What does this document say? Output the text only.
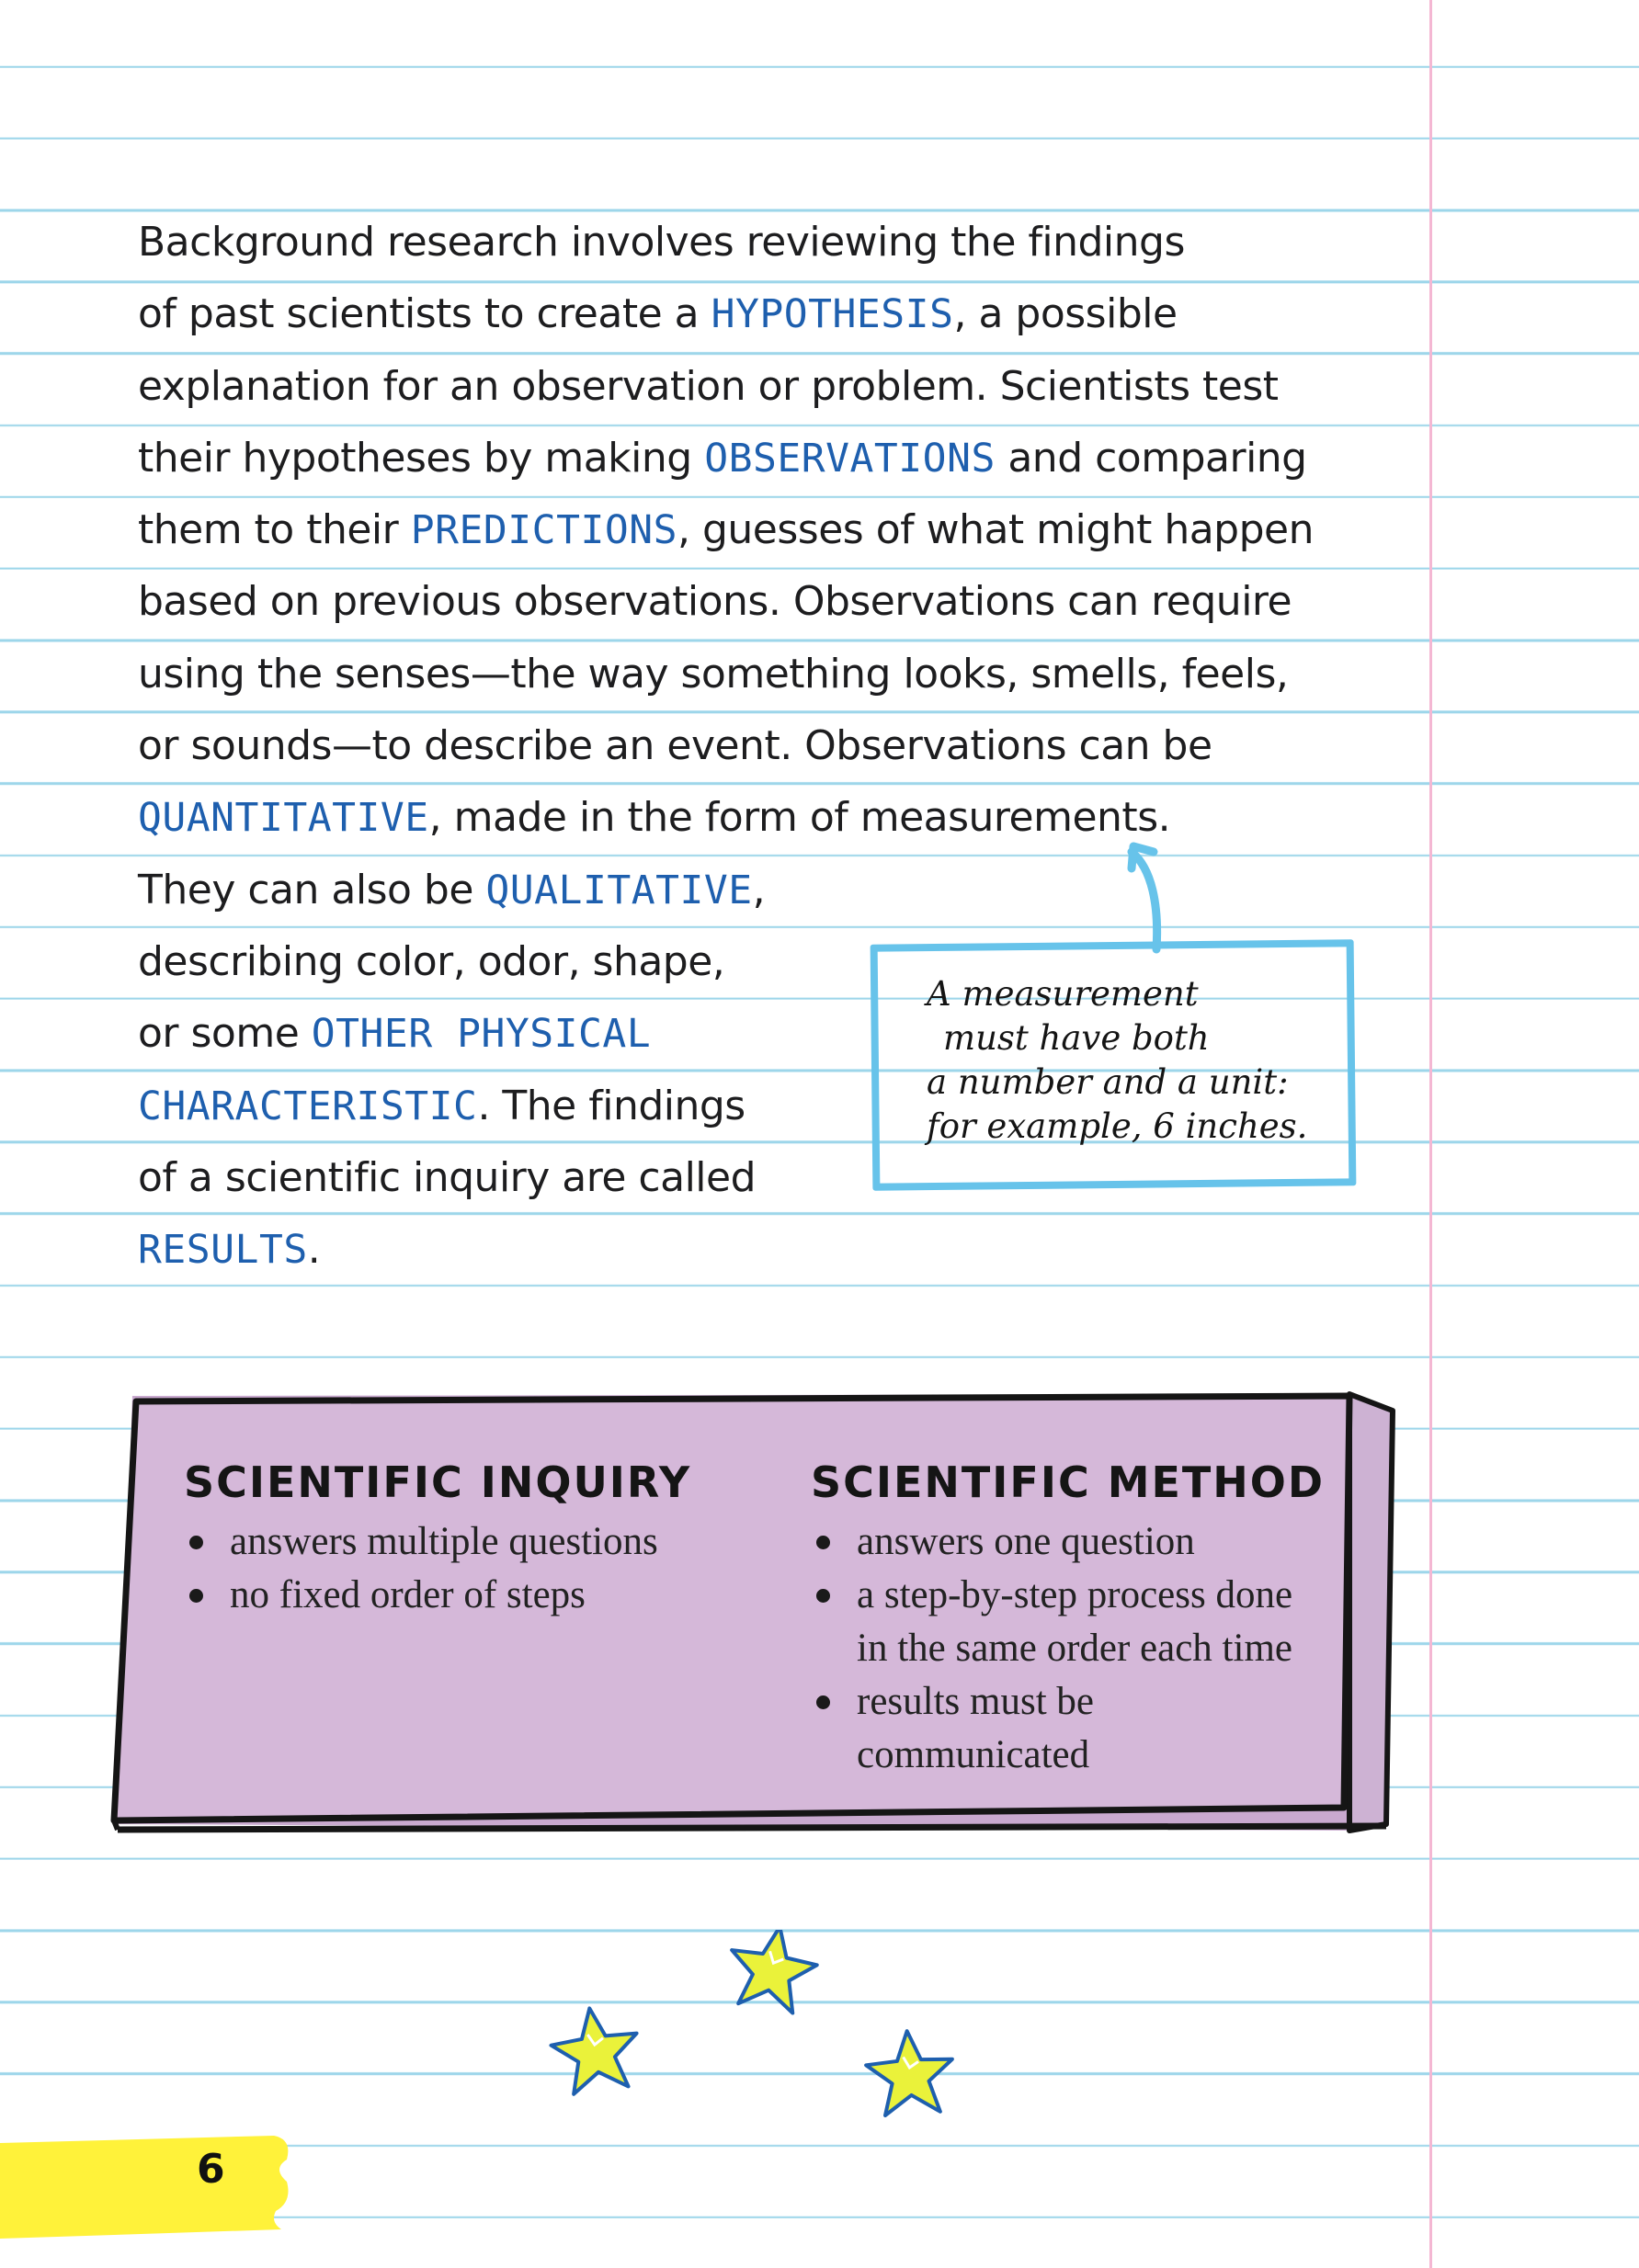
Background research involves reviewing the findings
of past scientists to create a HYPOTHESIS, a possible
explanation for an observation or problem. Scientists test
their hypotheses by making OBSERVATIONS and comparing
them to their PREDICTIONS, guesses of what might happen
based on previous observations. Observations can require
using the senses—the way something looks, smells, feels,
or sounds—to describe an event. Observations can be
QUANTITATIVE, made in the form of measurements.
They can also be QUALITATIVE,
describing color, odor, shape,
or some OTHER PHYSICAL
CHARACTERISTIC. The findings
of a scientific inquiry are called
RESULTS.
A measurement
must have both
a number and a unit:
for example, 6 inches.
SCIENTIFIC INQUIRY
answers multiple questions
no fixed order of steps
SCIENTIFIC METHOD
answers one question
a step-by-step process done in the same order each time
results must be communicated
6
